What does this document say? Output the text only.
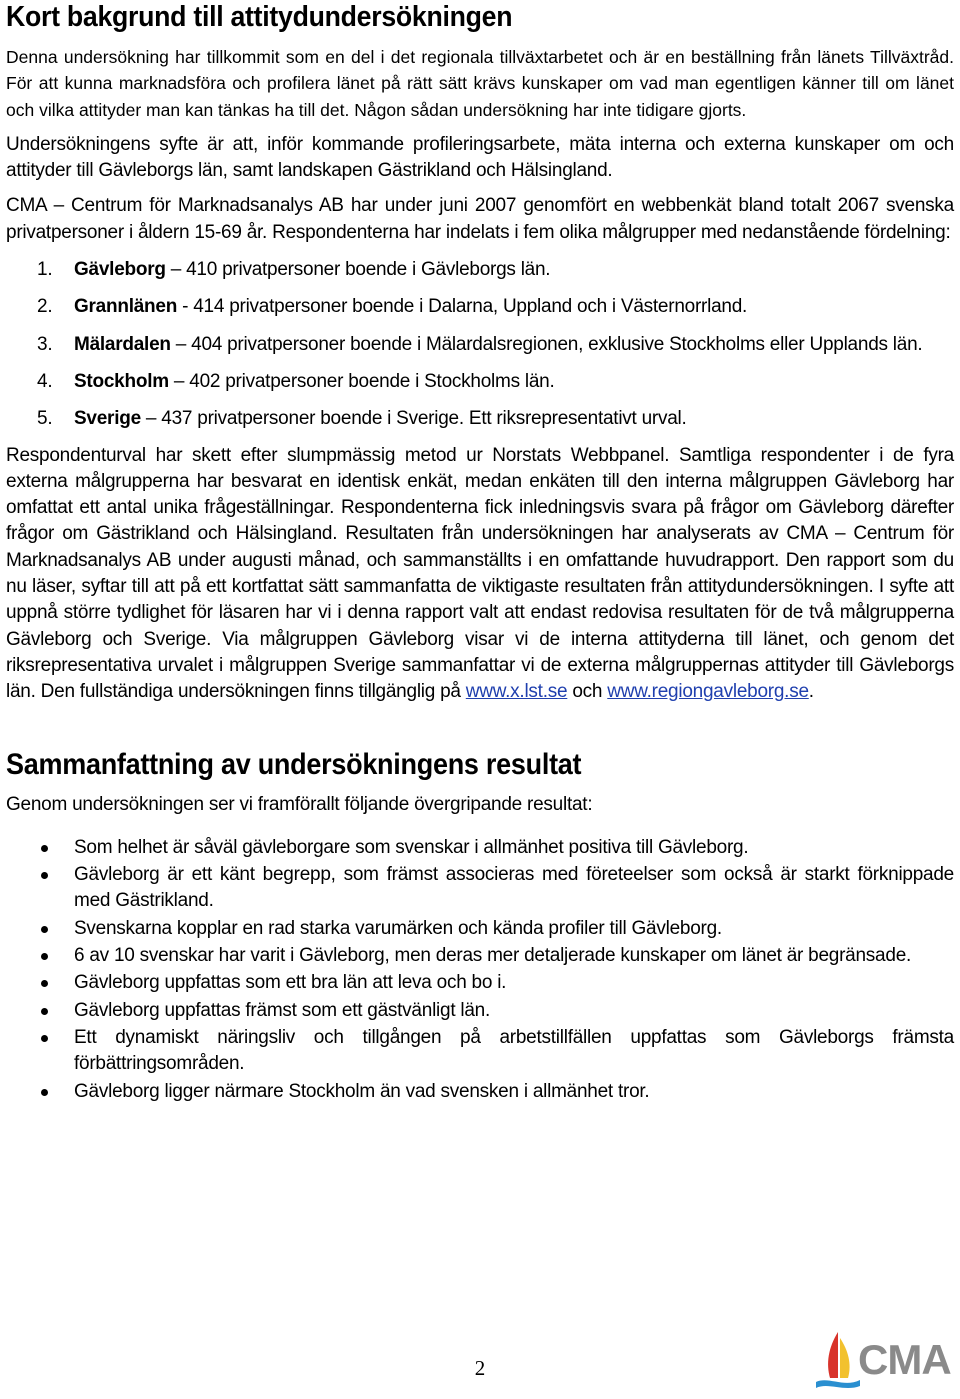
Kort bakgrund till attitydundersökningen

Denna undersökning har tillkommit som en del i det regionala tillväxtarbetet och är en beställning från länets Tillväxtråd. För att kunna marknadsföra och profilera länet på rätt sätt krävs kunskaper om vad man egentligen känner till om länet och vilka attityder man kan tänkas ha till det. Någon sådan undersökning har inte tidigare gjorts.

Undersökningens syfte är att, inför kommande profileringsarbete, mäta interna och externa kunskaper om och attityder till Gävleborgs län, samt landskapen Gästrikland och Hälsingland.

CMA – Centrum för Marknadsanalys AB har under juni 2007 genomfört en webbenkät bland totalt 2067 svenska privatpersoner i åldern 15-69 år. Respondenterna har indelats i fem olika målgrupper med nedanstående fördelning:

1.	Gävleborg – 410 privatpersoner boende i Gävleborgs län.
2.	Grannlänen - 414 privatpersoner boende i Dalarna, Uppland och i Västernorrland.
3.	Mälardalen – 404 privatpersoner boende i Mälardalsregionen, exklusive Stockholms eller Upplands län.
4.	Stockholm – 402 privatpersoner boende i Stockholms län.
5.	Sverige – 437 privatpersoner boende i Sverige. Ett riksrepresentativt urval.

Respondenturval har skett efter slumpmässig metod ur Norstats Webbpanel. Samtliga respondenter i de fyra externa målgrupperna har besvarat en identisk enkät, medan enkäten till den interna målgruppen Gävleborg har omfattat ett antal unika frågeställningar. Respondenterna fick inledningsvis svara på frågor om Gävleborg därefter frågor om Gästrikland och Hälsingland. Resultaten från undersökningen har analyserats av CMA – Centrum för Marknadsanalys AB under augusti månad, och sammanställts i en omfattande huvudrapport. Den rapport som du nu läser, syftar till att på ett kortfattat sätt sammanfatta de viktigaste resultaten från attitydundersökningen. I syfte att uppnå större tydlighet för läsaren har vi i denna rapport valt att endast redovisa resultaten för de två målgrupperna Gävleborg och Sverige. Via målgruppen Gävleborg visar vi de interna attityderna till länet, och genom det riksrepresentativa urvalet i målgruppen Sverige sammanfattar vi de externa målgruppernas attityder till Gävleborgs län. Den fullständiga undersökningen finns tillgänglig på www.x.lst.se och www.regiongavleborg.se.

Sammanfattning av undersökningens resultat

Genom undersökningen ser vi framförallt följande övergripande resultat:

Som helhet är såväl gävleborgare som svenskar i allmänhet positiva till Gävleborg.
Gävleborg är ett känt begrepp, som främst associeras med företeelser som också är starkt förknippade med Gästrikland.
Svenskarna kopplar en rad starka varumärken och kända profiler till Gävleborg.
6 av 10 svenskar har varit i Gävleborg, men deras mer detaljerade kunskaper om länet är begränsade.
Gävleborg uppfattas som ett bra län att leva och bo i.
Gävleborg uppfattas främst som ett gästvänligt län.
Ett dynamiskt näringsliv och tillgången på arbetstillfällen uppfattas som Gävleborgs främsta förbättringsområden.
Gävleborg ligger närmare Stockholm än vad svensken i allmänhet tror.
2	CMA
